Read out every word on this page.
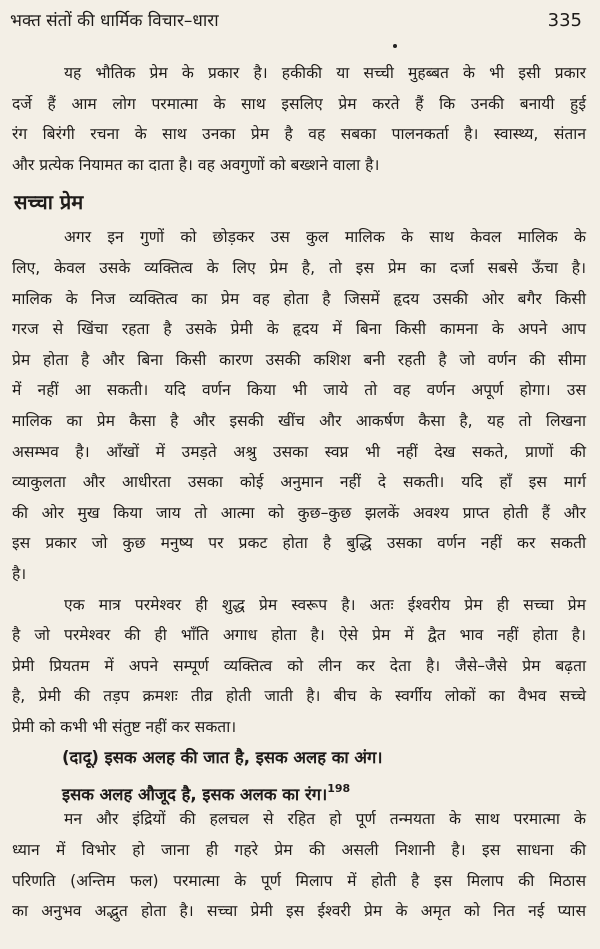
भक्त संतों की धार्मिक विचार–धारा	335
यह भौतिक प्रेम के प्रकार है। हकीकी या सच्ची मुहब्बत के भी इसी प्रकार
दर्जे हैं आम लोग परमात्मा के साथ इसलिए प्रेम करते हैं कि उनकी बनायी हुई
रंग बिरंगी रचना के साथ उनका प्रेम है वह सबका पालनकर्ता है। स्वास्थ्य, संतान
और प्रत्येक नियामत का दाता है। वह अवगुणों को बख्शने वाला है।
सच्चा प्रेम
अगर इन गुणों को छोड़कर उस कुल मालिक के साथ केवल मालिक के
लिए, केवल उसके व्यक्तित्व के लिए प्रेम है, तो इस प्रेम का दर्जा सबसे ऊँचा है।
मालिक के निज व्यक्तित्व का प्रेम वह होता है जिसमें हृदय उसकी ओर बगैर किसी
गरज से खिंचा रहता है उसके प्रेमी के हृदय में बिना किसी कामना के अपने आप
प्रेम होता है और बिना किसी कारण उसकी कशिश बनी रहती है जो वर्णन की सीमा
में नहीं आ सकती। यदि वर्णन किया भी जाये तो वह वर्णन अपूर्ण होगा। उस
मालिक का प्रेम कैसा है और इसकी खींच और आकर्षण कैसा है, यह तो लिखना
असम्भव है। आँखों में उमड़ते अश्रु उसका स्वप्न भी नहीं देख सकते, प्राणों की
व्याकुलता और आधीरता उसका कोई अनुमान नहीं दे सकती। यदि हाँ इस मार्ग
की ओर मुख किया जाय तो आत्मा को कुछ–कुछ झलकें अवश्य प्राप्त होती हैं और
इस प्रकार जो कुछ मनुष्य पर प्रकट होता है बुद्धि उसका वर्णन नहीं कर सकती
है।
एक मात्र परमेश्वर ही शुद्ध प्रेम स्वरूप है। अतः ईश्वरीय प्रेम ही सच्चा प्रेम
है जो परमेश्वर की ही भाँति अगाध होता है। ऐसे प्रेम में द्वैत भाव नहीं होता है।
प्रेमी प्रियतम में अपने सम्पूर्ण व्यक्तित्व को लीन कर देता है। जैसे–जैसे प्रेम बढ़ता
है, प्रेमी की तड़प क्रमशः तीव्र होती जाती है। बीच के स्वर्गीय लोकों का वैभव सच्चे
प्रेमी को कभी भी संतुष्ट नहीं कर सकता।
(दादू) इसक अलह की जात है, इसक अलह का अंग।
इसक अलह औजूद है, इसक अलक का रंग।$^{198}$
मन और इंद्रियों की हलचल से रहित हो पूर्ण तन्मयता के साथ परमात्मा के
ध्यान में विभोर हो जाना ही गहरे प्रेम की असली निशानी है। इस साधना की
परिणति (अन्तिम फल) परमात्मा के पूर्ण मिलाप में होती है इस मिलाप की मिठास
का अनुभव अद्भुत होता है। सच्चा प्रेमी इस ईश्वरी प्रेम के अमृत को नित नई प्यास
